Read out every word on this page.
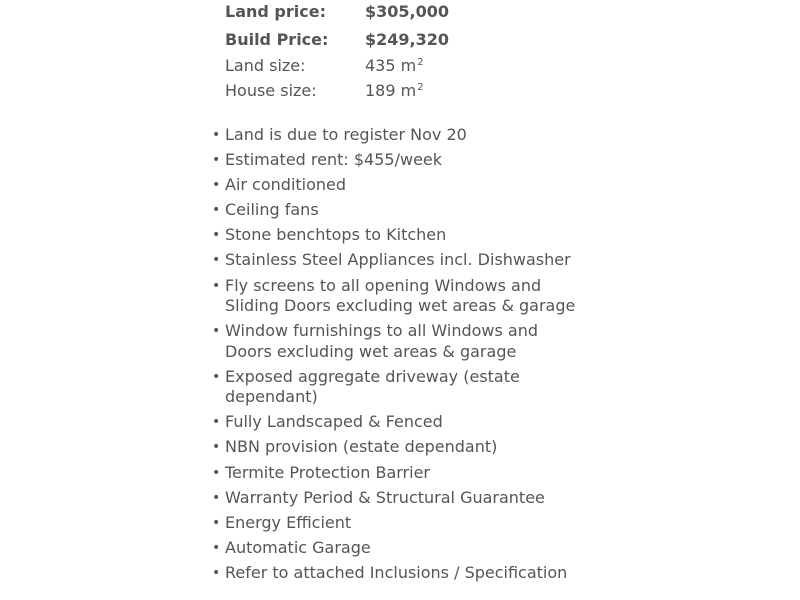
Land price: $305,000
Build Price: $249,320
Land size:	435 $m^2$
House size:	189 $m^2$
• Land is due to register Nov 20
• Estimated rent: $455/week
• Air conditioned
• Ceiling fans
• Stone benchtops to Kitchen
• Stainless Steel Appliances incl. Dishwasher
• Fly screens to all opening Windows and Sliding Doors excluding wet areas & garage
• Window furnishings to all Windows and Doors excluding wet areas & garage
• Exposed aggregate driveway (estate dependant)
• Fully Landscaped & Fenced
• NBN provision (estate dependant)
• Termite Protection Barrier
• Warranty Period & Structural Guarantee
• Energy Efficient
• Automatic Garage
• Refer to attached Inclusions / Specification
